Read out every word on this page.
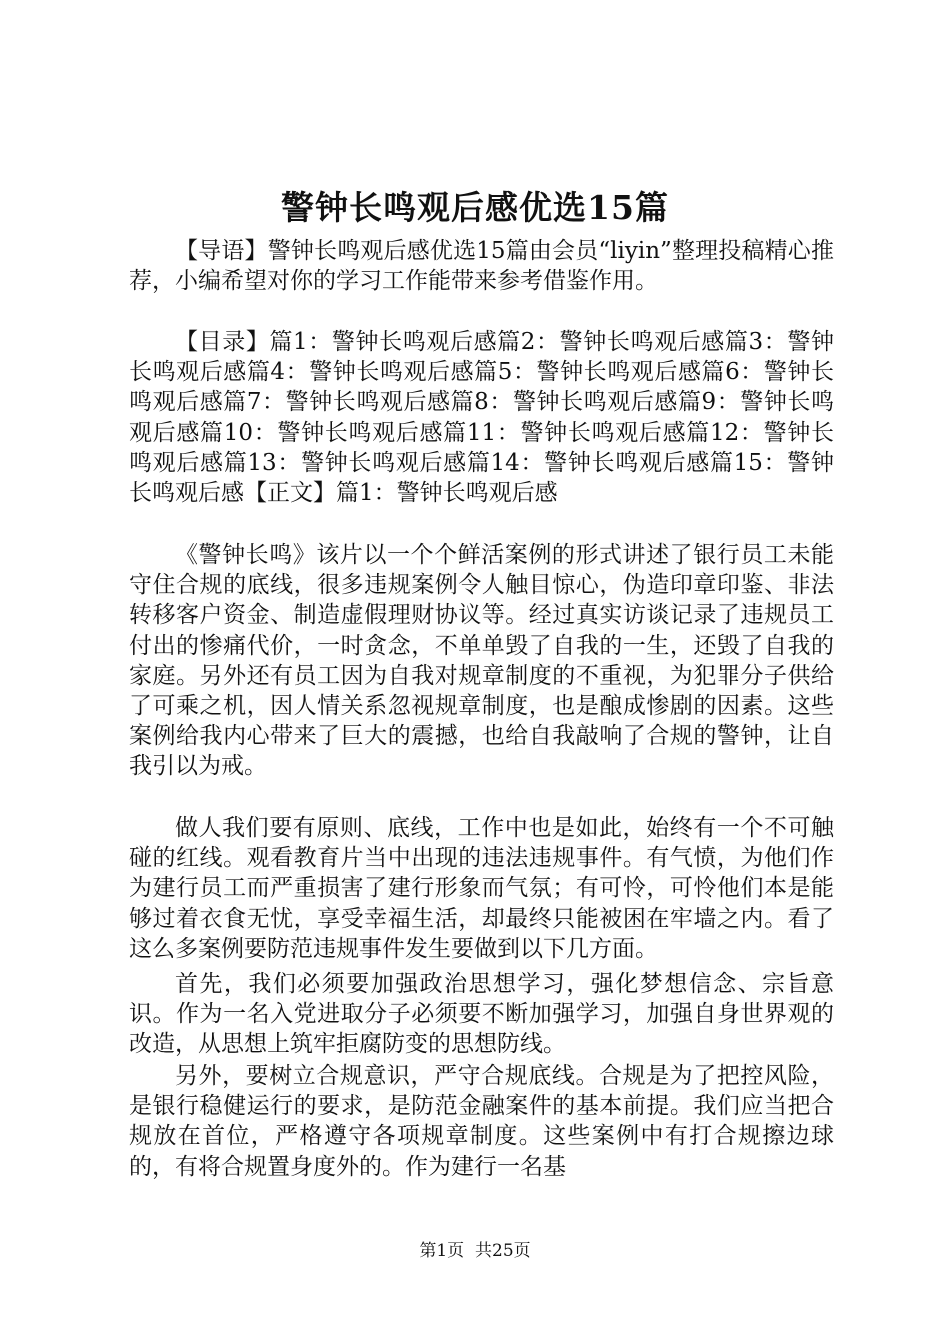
警钟长鸣观后感优选15篇

【导语】警钟长鸣观后感优选15篇由会员“liyin”整理投稿精心推荐，小编希望对你的学习工作能带来参考借鉴作用。

【目录】篇1：警钟长鸣观后感篇2：警钟长鸣观后感篇3：警钟长鸣观后感篇4：警钟长鸣观后感篇5：警钟长鸣观后感篇6：警钟长鸣观后感篇7：警钟长鸣观后感篇8：警钟长鸣观后感篇9：警钟长鸣观后感篇10：警钟长鸣观后感篇11：警钟长鸣观后感篇12：警钟长鸣观后感篇13：警钟长鸣观后感篇14：警钟长鸣观后感篇15：警钟长鸣观后感【正文】篇1：警钟长鸣观后感

《警钟长鸣》该片以一个个鲜活案例的形式讲述了银行员工未能守住合规的底线，很多违规案例令人触目惊心，伪造印章印鉴、非法转移客户资金、制造虚假理财协议等。经过真实访谈记录了违规员工付出的惨痛代价，一时贪念，不单单毁了自我的一生，还毁了自我的家庭。另外还有员工因为自我对规章制度的不重视，为犯罪分子供给了可乘之机，因人情关系忽视规章制度，也是酿成惨剧的因素。这些案例给我内心带来了巨大的震撼，也给自我敲响了合规的警钟，让自我引以为戒。

做人我们要有原则、底线，工作中也是如此，始终有一个不可触碰的红线。观看教育片当中出现的违法违规事件。有气愤，为他们作为建行员工而严重损害了建行形象而气氛；有可怜，可怜他们本是能够过着衣食无忧，享受幸福生活，却最终只能被困在牢墙之内。看了这么多案例要防范违规事件发生要做到以下几方面。

首先，我们必须要加强政治思想学习，强化梦想信念、宗旨意识。作为一名入党进取分子必须要不断加强学习，加强自身世界观的改造，从思想上筑牢拒腐防变的思想防线。

另外，要树立合规意识，严守合规底线。合规是为了把控风险，是银行稳健运行的要求，是防范金融案件的基本前提。我们应当把合规放在首位，严格遵守各项规章制度。这些案例中有打合规擦边球的，有将合规置身度外的。作为建行一名基

第1页 共25页
